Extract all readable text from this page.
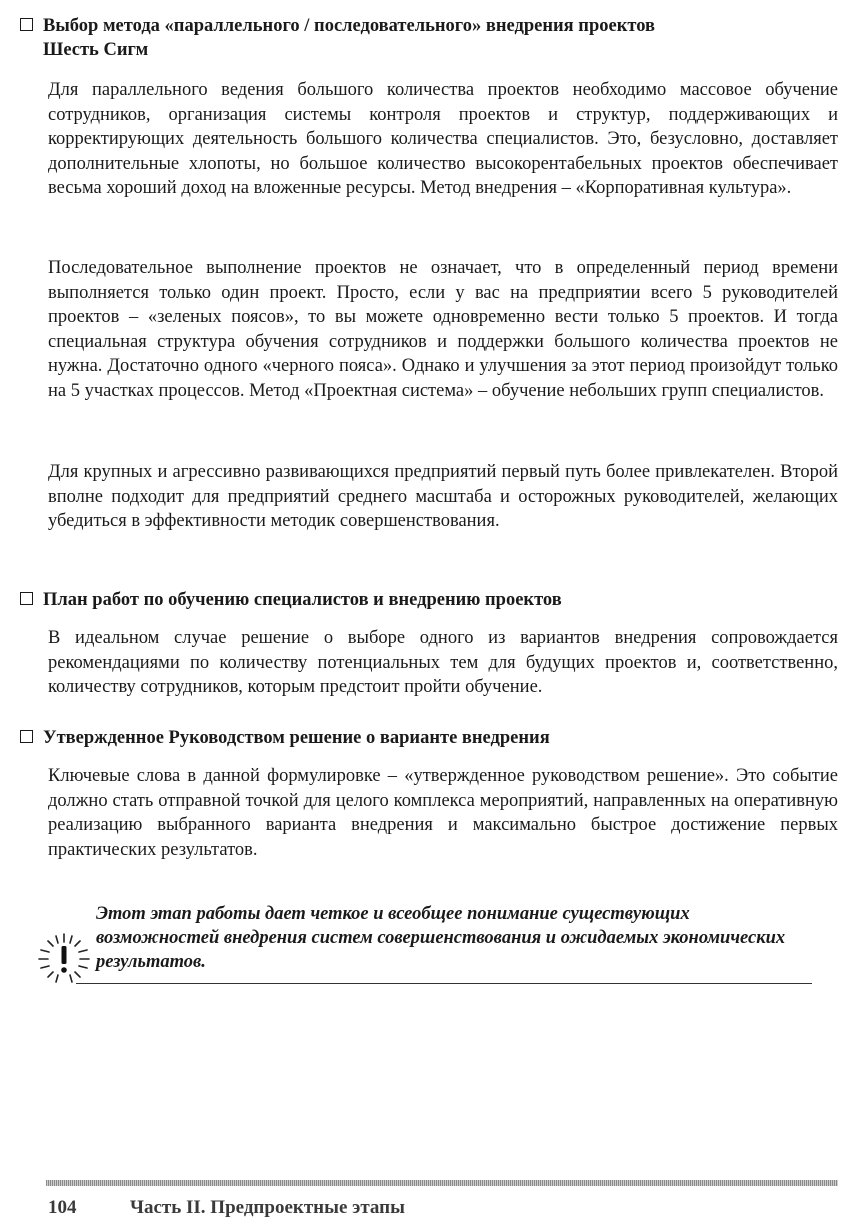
Выбор метода «параллельного / последовательного» внедрения проектов
Шесть Сигм

Для параллельного ведения большого количества проектов необходимо массовое обучение сотрудников, организация системы контроля проектов и структур, поддерживающих и корректирующих деятельность большого количества специалистов. Это, безусловно, доставляет дополнительные хлопоты, но большое количество высокорентабельных проектов обеспечивает весьма хороший доход на вложенные ресурсы. Метод внедрения – «Корпоративная культура».

Последовательное выполнение проектов не означает, что в определенный период времени выполняется только один проект. Просто, если у вас на предприятии всего 5 руководителей проектов – «зеленых поясов», то вы можете одновременно вести только 5 проектов. И тогда специальная структура обучения сотрудников и поддержки большого количества проектов не нужна. Достаточно одного «черного пояса». Однако и улучшения за этот период произойдут только на 5 участках процессов. Метод «Проектная система» – обучение небольших групп специалистов.

Для крупных и агрессивно развивающихся предприятий первый путь более привлекателен. Второй вполне подходит для предприятий среднего масштаба и осторожных руководителей, желающих убедиться в эффективности методик совершенствования.

План работ по обучению специалистов и внедрению проектов

В идеальном случае решение о выборе одного из вариантов внедрения сопровождается рекомендациями по количеству потенциальных тем для будущих проектов и, соответственно, количеству сотрудников, которым предстоит пройти обучение.

Утвержденное Руководством решение о варианте внедрения

Ключевые слова в данной формулировке – «утвержденное руководством решение». Это событие должно стать отправной точкой для целого комплекса мероприятий, направленных на оперативную реализацию выбранного варианта внедрения и максимально быстрое достижение первых практических результатов.

Этот этап работы дает четкое и всеобщее понимание существующих возможностей внедрения систем совершенствования и ожидаемых экономических результатов.

104	Часть II. Предпроектные этапы
